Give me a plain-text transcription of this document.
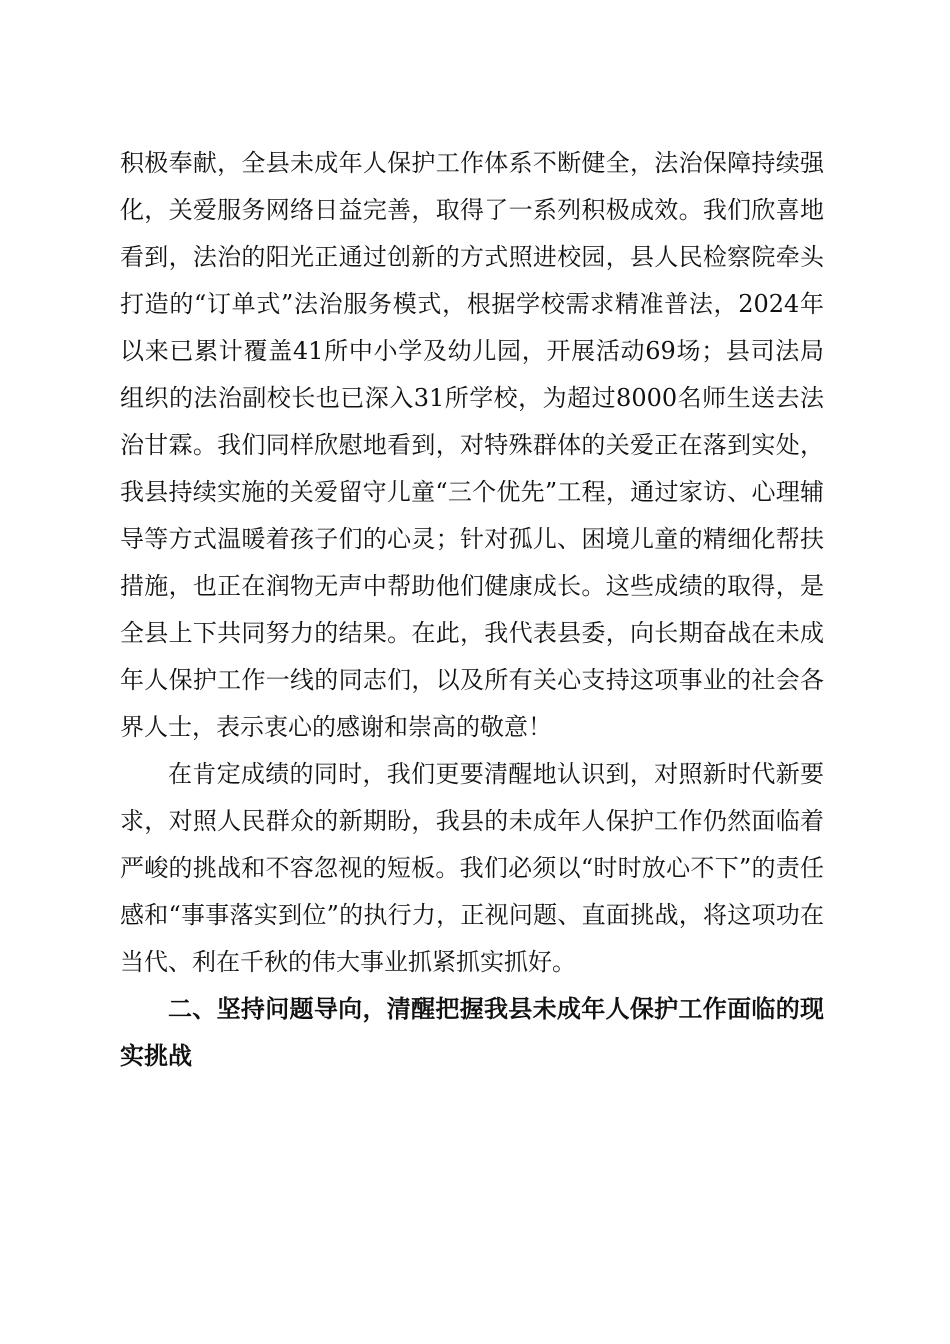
积极奉献，全县未成年人保护工作体系不断健全，法治保障持续强化，关爱服务网络日益完善，取得了一系列积极成效。我们欣喜地看到，法治的阳光正通过创新的方式照进校园，县人民检察院牵头打造的“订单式”法治服务模式，根据学校需求精准普法，2024年以来已累计覆盖41所中小学及幼儿园，开展活动69场；县司法局组织的法治副校长也已深入31所学校，为超过8000名师生送去法治甘霖。我们同样欣慰地看到，对特殊群体的关爱正在落到实处，我县持续实施的关爱留守儿童“三个优先”工程，通过家访、心理辅导等方式温暖着孩子们的心灵；针对孤儿、困境儿童的精细化帮扶措施，也正在润物无声中帮助他们健康成长。这些成绩的取得，是全县上下共同努力的结果。在此，我代表县委，向长期奋战在未成年人保护工作一线的同志们，以及所有关心支持这项事业的社会各界人士，表示衷心的感谢和崇高的敬意！

在肯定成绩的同时，我们更要清醒地认识到，对照新时代新要求，对照人民群众的新期盼，我县的未成年人保护工作仍然面临着严峻的挑战和不容忽视的短板。我们必须以“时时放心不下”的责任感和“事事落实到位”的执行力，正视问题、直面挑战，将这项功在当代、利在千秋的伟大事业抓紧抓实抓好。

二、坚持问题导向，清醒把握我县未成年人保护工作面临的现实挑战
